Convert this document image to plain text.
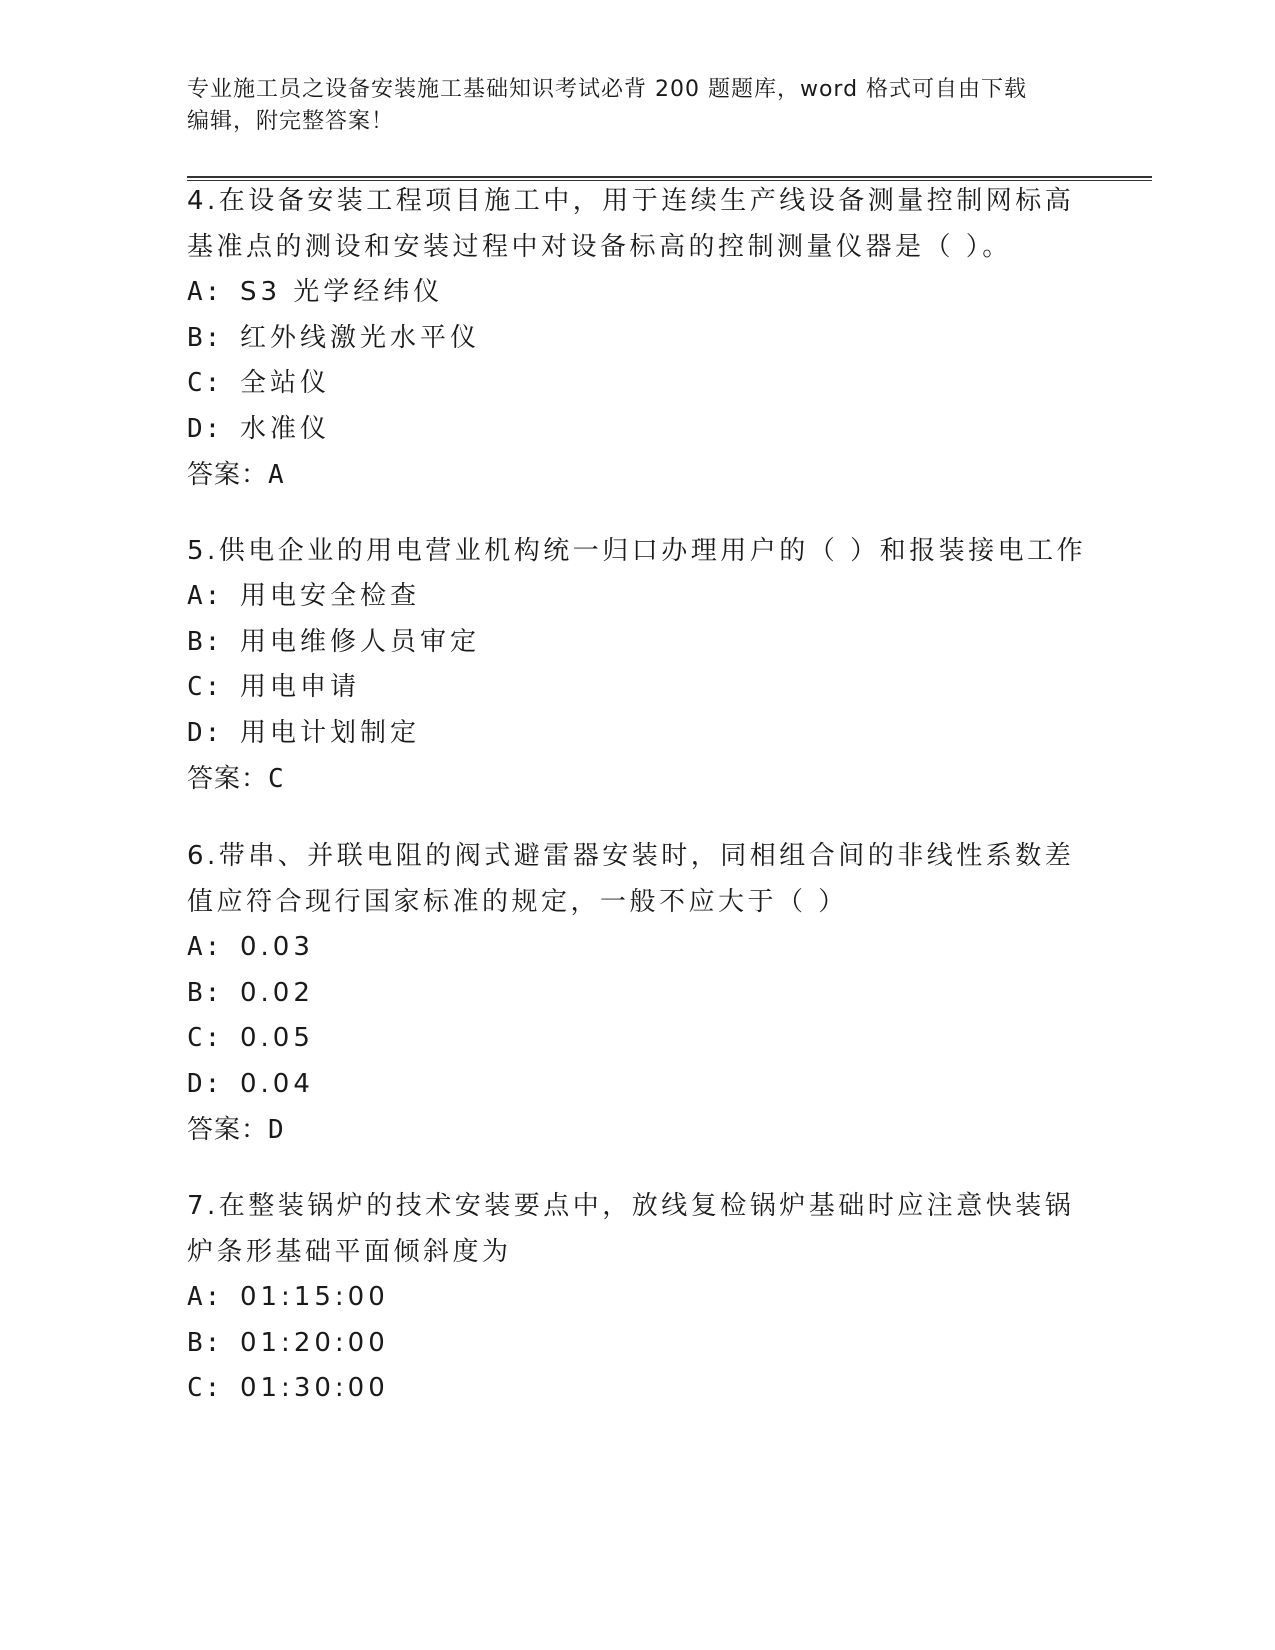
专业施工员之设备安装施工基础知识考试必背 200 题题库，word 格式可自由下载
编辑，附完整答案！
4.在设备安装工程项目施工中，用于连续生产线设备测量控制网标高
基准点的测设和安装过程中对设备标高的控制测量仪器是（ ）。
A: S3 光学经纬仪
B: 红外线激光水平仪
C: 全站仪
D: 水准仪
答案：A
5.供电企业的用电营业机构统一归口办理用户的（ ）和报装接电工作
A: 用电安全检查
B: 用电维修人员审定
C: 用电申请
D: 用电计划制定
答案：C
6.带串、并联电阻的阀式避雷器安装时，同相组合间的非线性系数差
值应符合现行国家标准的规定，一般不应大于（ ）
A: 0.03
B: 0.02
C: 0.05
D: 0.04
答案：D
7.在整装锅炉的技术安装要点中，放线复检锅炉基础时应注意快装锅
炉条形基础平面倾斜度为
A: 01:15:00
B: 01:20:00
C: 01:30:00
